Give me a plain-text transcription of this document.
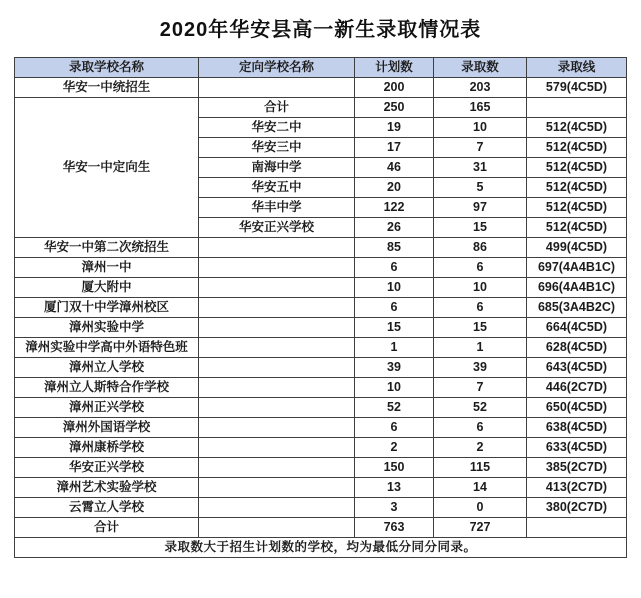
2020年华安县高一新生录取情况表
录取学校名称	定向学校名称	计划数	录取数	录取线
华安一中统招生		200	203	579(4C5D)
华安一中定向生	合计	250	165	
	华安二中	19	10	512(4C5D)
	华安三中	17	7	512(4C5D)
	南海中学	46	31	512(4C5D)
	华安五中	20	5	512(4C5D)
	华丰中学	122	97	512(4C5D)
	华安正兴学校	26	15	512(4C5D)
华安一中第二次统招生		85	86	499(4C5D)
漳州一中		6	6	697(4A4B1C)
厦大附中		10	10	696(4A4B1C)
厦门双十中学漳州校区		6	6	685(3A4B2C)
漳州实验中学		15	15	664(4C5D)
漳州实验中学高中外语特色班		1	1	628(4C5D)
漳州立人学校		39	39	643(4C5D)
漳州立人斯特合作学校		10	7	446(2C7D)
漳州正兴学校		52	52	650(4C5D)
漳州外国语学校		6	6	638(4C5D)
漳州康桥学校		2	2	633(4C5D)
华安正兴学校		150	115	385(2C7D)
漳州艺术实验学校		13	14	413(2C7D)
云霄立人学校		3	0	380(2C7D)
合计		763	727	
录取数大于招生计划数的学校，均为最低分同分同录。				
